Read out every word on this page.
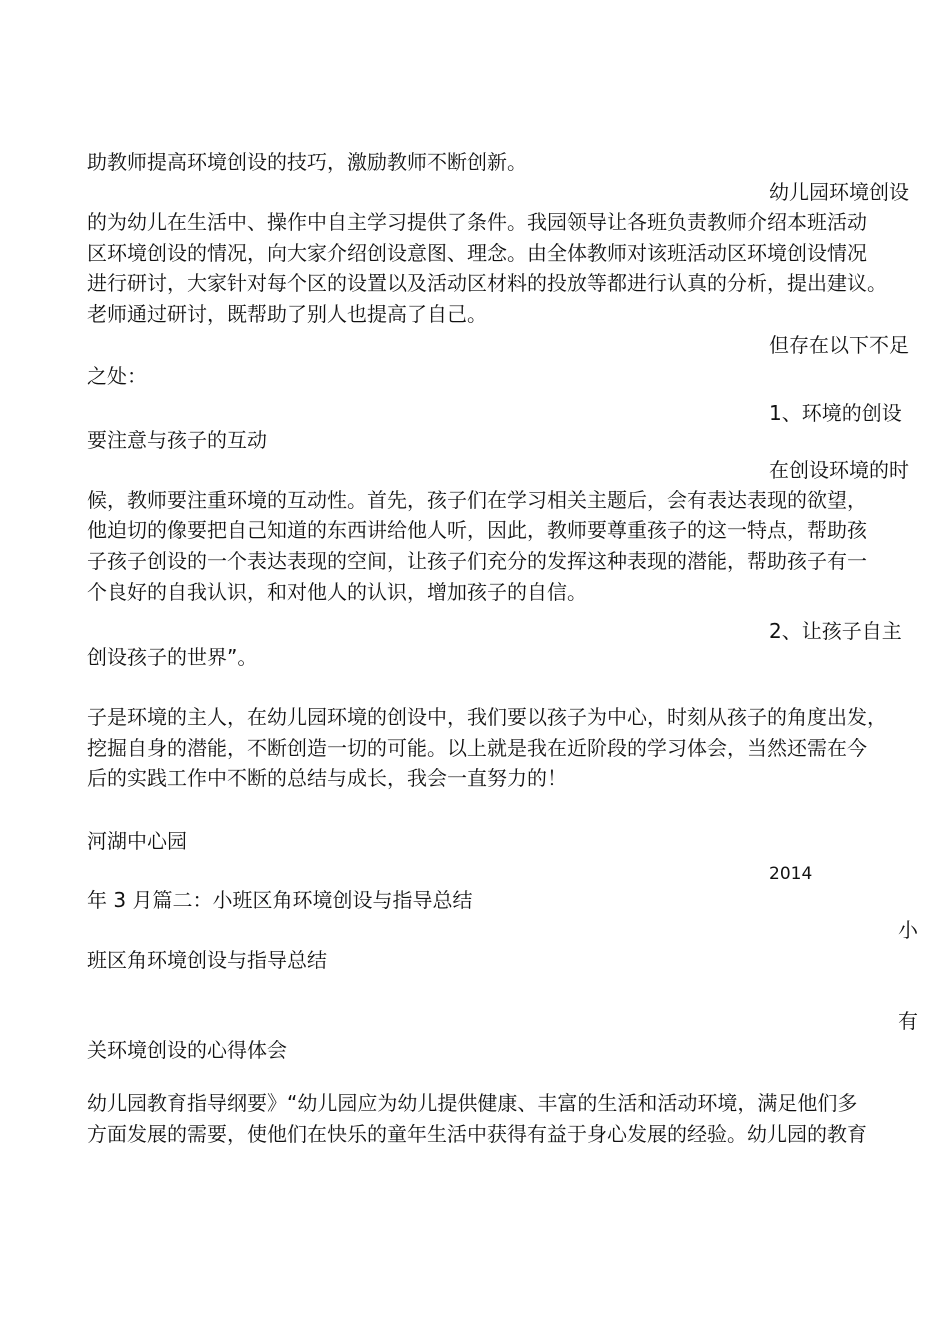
助教师提高环境创设的技巧，激励教师不断创新。

幼儿园环境创设

的为幼儿在生活中、操作中自主学习提供了条件。我园领导让各班负责教师介绍本班活动

区环境创设的情况，向大家介绍创设意图、理念。由全体教师对该班活动区环境创设情况

进行研讨，大家针对每个区的设置以及活动区材料的投放等都进行认真的分析，提出建议。

老师通过研讨，既帮助了别人也提高了自己。

但存在以下不足

之处：

1、环境的创设

要注意与孩子的互动

在创设环境的时

候，教师要注重环境的互动性。首先，孩子们在学习相关主题后，会有表达表现的欲望，

他迫切的像要把自己知道的东西讲给他人听，因此，教师要尊重孩子的这一特点，帮助孩

子孩子创设的一个表达表现的空间，让孩子们充分的发挥这种表现的潜能，帮助孩子有一

个良好的自我认识，和对他人的认识，增加孩子的自信。

2、让孩子自主

创设孩子的世界”。

子是环境的主人，在幼儿园环境的创设中，我们要以孩子为中心，时刻从孩子的角度出发，

挖掘自身的潜能，不断创造一切的可能。以上就是我在近阶段的学习体会，当然还需在今

后的实践工作中不断的总结与成长，我会一直努力的！

河湖中心园

2014

年 3 月篇二：小班区角环境创设与指导总结

小

班区角环境创设与指导总结

有

关环境创设的心得体会

幼儿园教育指导纲要》“幼儿园应为幼儿提供健康、丰富的生活和活动环境，满足他们多

方面发展的需要，使他们在快乐的童年生活中获得有益于身心发展的经验。幼儿园的教育
